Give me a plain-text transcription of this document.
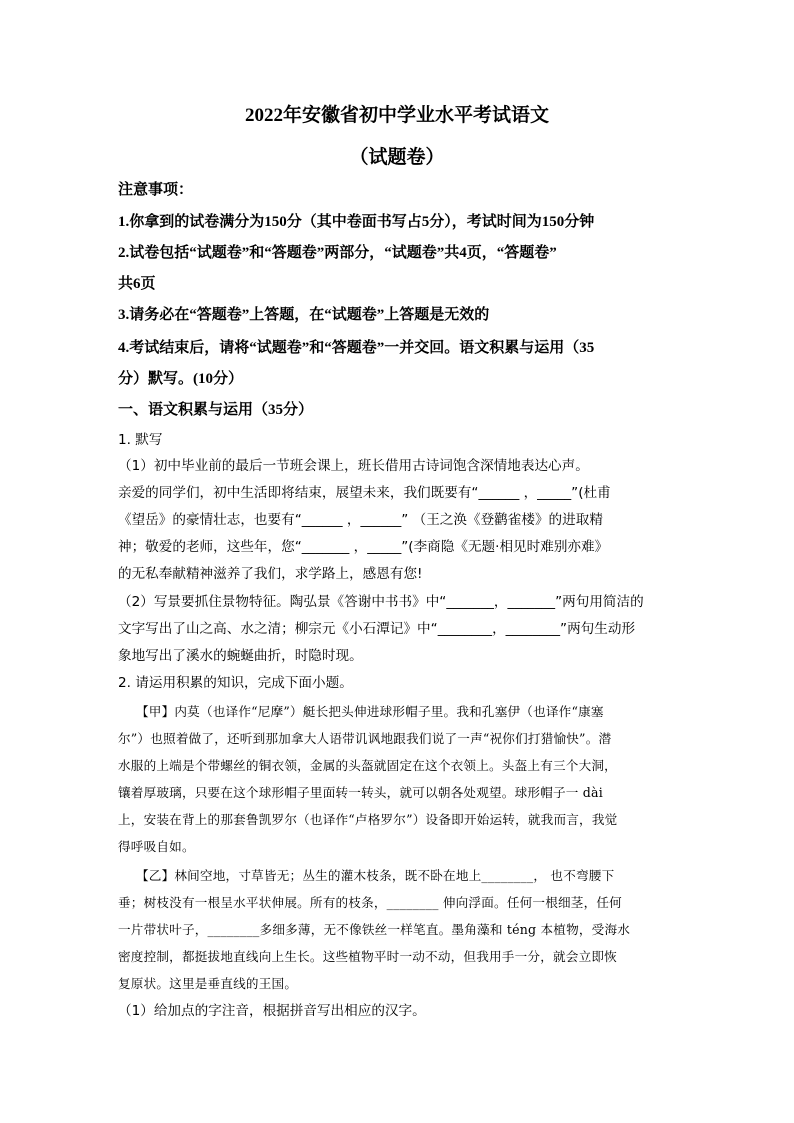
2022年安徽省初中学业水平考试语文
（试题卷）
注意事项：
1.你拿到的试卷满分为150分（其中卷面书写占5分），考试时间为150分钟
2.试卷包括“试题卷”和“答题卷”两部分，“试题卷”共4页，“答题卷”
共6页
3.请务必在“答题卷”上答题，在“试题卷”上答题是无效的
4.考试结束后，请将“试题卷”和“答题卷”一并交回。语文积累与运用（35
分）默写。(10分）
一、语文积累与运用（35分）
1. 默写
（1）初中毕业前的最后一节班会课上，班长借用古诗词饱含深情地表达心声。
亲爱的同学们，初中生活即将结束，展望未来，我们既要有“______ ，_____”(杜甫
《望岳》的豪情壮志，也要有“______ ，______” （王之涣《登鹳雀楼》的进取精
神；敬爱的老师，这些年，您“_______ ，_____”(李商隐《无题·相见时难别亦难》
的无私奉献精神滋养了我们，求学路上，感恩有您!
（2）写景要抓住景物特征。陶弘景《答谢中书书》中“_______，_______”两句用简洁的
文字写出了山之高、水之清；柳宗元《小石潭记》中“________，________”两句生动形
象地写出了溪水的蜿蜒曲折，时隐时现。
2. 请运用积累的知识，完成下面小题。
【甲】内莫（也译作“尼摩”）艇长把头伸进球形帽子里。我和孔塞伊（也译作“康塞
尔”）也照着做了，还听到那加拿大人语带讥讽地跟我们说了一声“祝你们打猎愉快”。潜
水服的上端是个带螺丝的铜衣领，金属的头盔就固定在这个衣领上。头盔上有三个大洞，
镶着厚玻璃，只要在这个球形帽子里面转一转头，就可以朝各处观望。球形帽子一 dài
上，安装在背上的那套鲁凯罗尔（也译作“卢格罗尔”）设备即开始运转，就我而言，我觉
得呼吸自如。
【乙】林间空地，寸草皆无；丛生的灌木枝条，既不卧在地上________， 也不弯腰下
垂；树枝没有一根呈水平状伸展。所有的枝条，________ 伸向浮面。任何一根细茎，任何
一片带状叶子，________多细多薄，无不像铁丝一样笔直。墨角藻和 téng 本植物，受海水
密度控制，都挺拔地直线向上生长。这些植物平时一动不动，但我用手一分，就会立即恢
复原状。这里是垂直线的王国。
（1）给加点的字注音，根据拼音写出相应的汉字。
